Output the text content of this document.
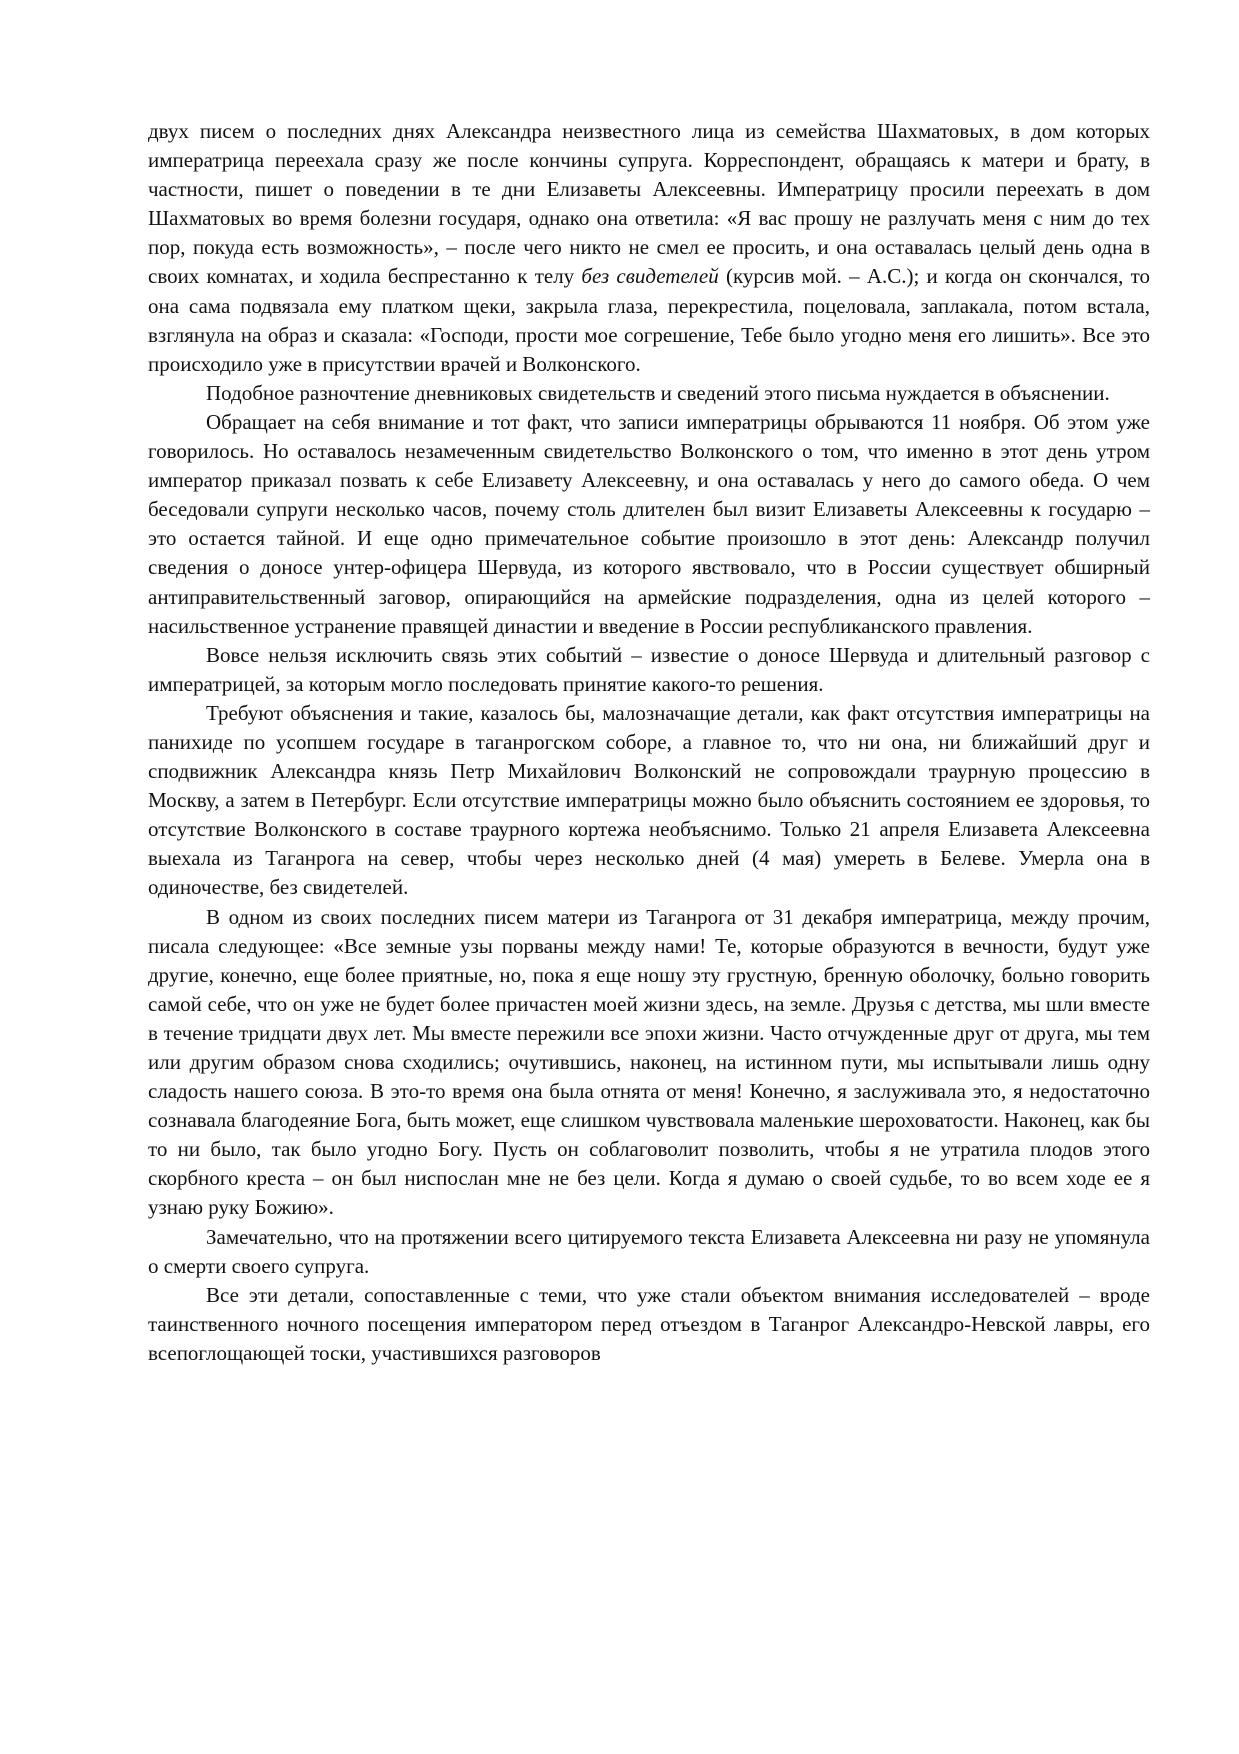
двух писем о последних днях Александра неизвестного лица из семейства Шахматовых, в дом которых императрица переехала сразу же после кончины супруга. Корреспондент, обращаясь к матери и брату, в частности, пишет о поведении в те дни Елизаветы Алексеевны. Императрицу просили переехать в дом Шахматовых во время болезни государя, однако она ответила: «Я вас прошу не разлучать меня с ним до тех пор, покуда есть возможность», – после чего никто не смел ее просить, и она оставалась целый день одна в своих комнатах, и ходила беспрестанно к телу без свидетелей (курсив мой. – А.С.); и когда он скончался, то она сама подвязала ему платком щеки, закрыла глаза, перекрестила, поцеловала, заплакала, потом встала, взглянула на образ и сказала: «Господи, прости мое согрешение, Тебе было угодно меня его лишить». Все это происходило уже в присутствии врачей и Волконского.

Подобное разночтение дневниковых свидетельств и сведений этого письма нуждается в объяснении.

Обращает на себя внимание и тот факт, что записи императрицы обрываются 11 ноября. Об этом уже говорилось. Но оставалось незамеченным свидетельство Волконского о том, что именно в этот день утром император приказал позвать к себе Елизавету Алексеевну, и она оставалась у него до самого обеда. О чем беседовали супруги несколько часов, почему столь длителен был визит Елизаветы Алексеевны к государю – это остается тайной. И еще одно примечательное событие произошло в этот день: Александр получил сведения о доносе унтер-офицера Шервуда, из которого явствовало, что в России существует обширный антиправительственный заговор, опирающийся на армейские подразделения, одна из целей которого – насильственное устранение правящей династии и введение в России республиканского правления.

Вовсе нельзя исключить связь этих событий – известие о доносе Шервуда и длительный разговор с императрицей, за которым могло последовать принятие какого-то решения.

Требуют объяснения и такие, казалось бы, малозначащие детали, как факт отсутствия императрицы на панихиде по усопшем государе в таганрогском соборе, а главное то, что ни она, ни ближайший друг и сподвижник Александра князь Петр Михайлович Волконский не сопровождали траурную процессию в Москву, а затем в Петербург. Если отсутствие императрицы можно было объяснить состоянием ее здоровья, то отсутствие Волконского в составе траурного кортежа необъяснимо. Только 21 апреля Елизавета Алексеевна выехала из Таганрога на север, чтобы через несколько дней (4 мая) умереть в Белеве. Умерла она в одиночестве, без свидетелей.

В одном из своих последних писем матери из Таганрога от 31 декабря императрица, между прочим, писала следующее: «Все земные узы порваны между нами! Те, которые образуются в вечности, будут уже другие, конечно, еще более приятные, но, пока я еще ношу эту грустную, бренную оболочку, больно говорить самой себе, что он уже не будет более причастен моей жизни здесь, на земле. Друзья с детства, мы шли вместе в течение тридцати двух лет. Мы вместе пережили все эпохи жизни. Часто отчужденные друг от друга, мы тем или другим образом снова сходились; очутившись, наконец, на истинном пути, мы испытывали лишь одну сладость нашего союза. В это-то время она была отнята от меня! Конечно, я заслуживала это, я недостаточно сознавала благодеяние Бога, быть может, еще слишком чувствовала маленькие шероховатости. Наконец, как бы то ни было, так было угодно Богу. Пусть он соблаговолит позволить, чтобы я не утратила плодов этого скорбного креста – он был ниспослан мне не без цели. Когда я думаю о своей судьбе, то во всем ходе ее я узнаю руку Божию».

Замечательно, что на протяжении всего цитируемого текста Елизавета Алексеевна ни разу не упомянула о смерти своего супруга.

Все эти детали, сопоставленные с теми, что уже стали объектом внимания исследователей – вроде таинственного ночного посещения императором перед отъездом в Таганрог Александро-Невской лавры, его всепоглощающей тоски, участившихся разговоров
